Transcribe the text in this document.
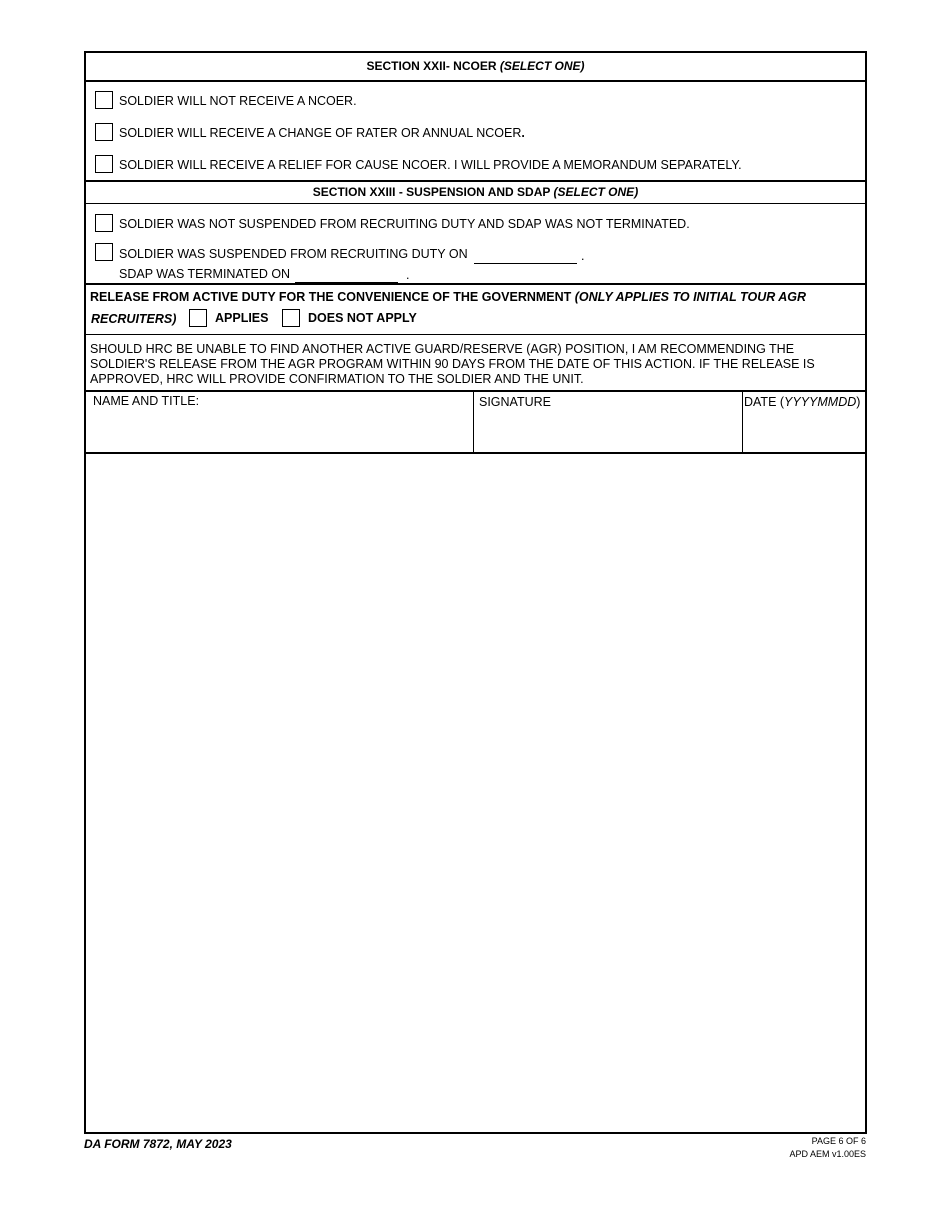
SECTION XXII- NCOER (SELECT ONE)
SOLDIER WILL NOT RECEIVE A NCOER.
SOLDIER WILL RECEIVE A CHANGE OF RATER OR ANNUAL NCOER.
SOLDIER WILL RECEIVE A RELIEF FOR CAUSE NCOER. I WILL PROVIDE A MEMORANDUM SEPARATELY.
SECTION XXIII - SUSPENSION AND SDAP (SELECT ONE)
SOLDIER WAS NOT SUSPENDED FROM RECRUITING DUTY AND SDAP WAS NOT TERMINATED.
SOLDIER WAS SUSPENDED FROM RECRUITING DUTY ON	.
SDAP WAS TERMINATED ON	.
RELEASE FROM ACTIVE DUTY FOR THE CONVENIENCE OF THE GOVERNMENT (ONLY APPLIES TO INITIAL TOUR AGR
RECRUITERS)	APPLIES	DOES NOT APPLY
SHOULD HRC BE UNABLE TO FIND ANOTHER ACTIVE GUARD/RESERVE (AGR) POSITION, I AM RECOMMENDING THE SOLDIER'S RELEASE FROM THE AGR PROGRAM WITHIN 90 DAYS FROM THE DATE OF THIS ACTION. IF THE RELEASE IS APPROVED, HRC WILL PROVIDE CONFIRMATION TO THE SOLDIER AND THE UNIT.
NAME AND TITLE:	SIGNATURE	DATE (YYYYMMDD)
DA FORM 7872, MAY 2023	PAGE 6 OF 6
APD AEM v1.00ES
